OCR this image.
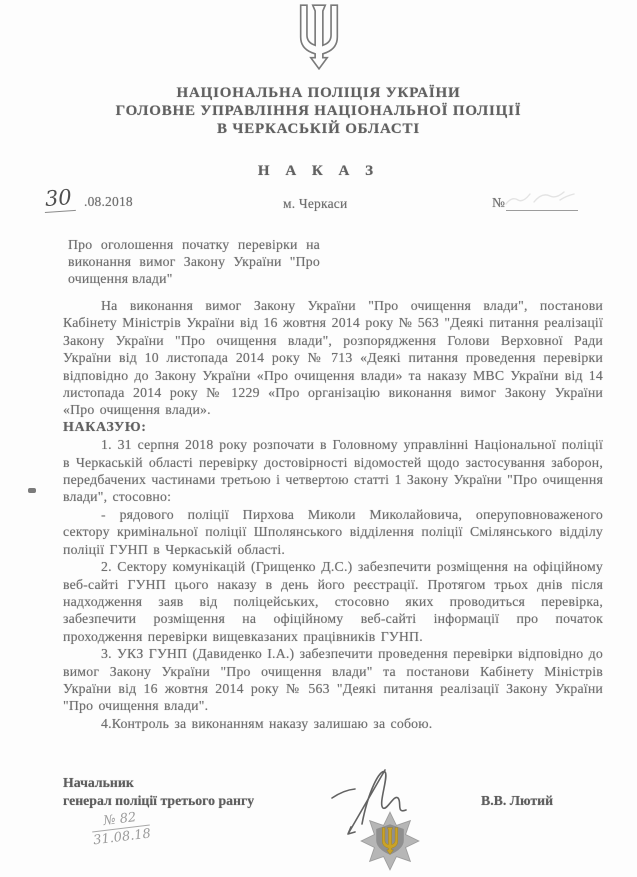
НАЦІОНАЛЬНА ПОЛІЦІЯ УКРАЇНИ
ГОЛОВНЕ УПРАВЛІННЯ НАЦІОНАЛЬНОЇ ПОЛІЦІЇ
В ЧЕРКАСЬКІЙ ОБЛАСТІ
Н А К А З
30 .08.2018	м. Черкаси	№
Про оголошення початку перевірки на виконання вимог Закону України "Про очищення влади"

На виконання вимог Закону України "Про очищення влади", постанови Кабінету Міністрів України від 16 жовтня 2014 року № 563 "Деякі питання реалізації Закону України "Про очищення влади", розпорядження Голови Верховної Ради України від 10 листопада 2014 року № 713 «Деякі питання проведення перевірки відповідно до Закону України «Про очищення влади» та наказу МВС України від 14 листопада 2014 року № 1229 «Про організацію виконання вимог Закону України «Про очищення влади».

НАКАЗУЮ:

1. 31 серпня 2018 року розпочати в Головному управлінні Національної поліції в Черкаській області перевірку достовірності відомостей щодо застосування заборон, передбачених частинами третьою і четвертою статті 1 Закону України "Про очищення влади", стосовно:

- рядового поліції Пирхова Миколи Миколайовича, оперуповноваженого сектору кримінальної поліції Шполянського відділення поліції Смілянського відділу поліції ГУНП в Черкаській області.

2. Сектору комунікацій (Грищенко Д.С.) забезпечити розміщення на офіційному веб-сайті ГУНП цього наказу в день його реєстрації. Протягом трьох днів після надходження заяв від поліцейських, стосовно яких проводиться перевірка, забезпечити розміщення на офіційному веб-сайті інформації про початок проходження перевірки вищевказаних працівників ГУНП.

3. УКЗ ГУНП (Давиденко І.А.) забезпечити проведення перевірки відповідно до вимог Закону України "Про очищення влади" та постанови Кабінету Міністрів України від 16 жовтня 2014 року № 563 "Деякі питання реалізації Закону України "Про очищення влади".

4.Контроль за виконанням наказу залишаю за собою.

Начальник
генерал поліції третього рангу	В.В. Лютий
№ 82
31.08.18
